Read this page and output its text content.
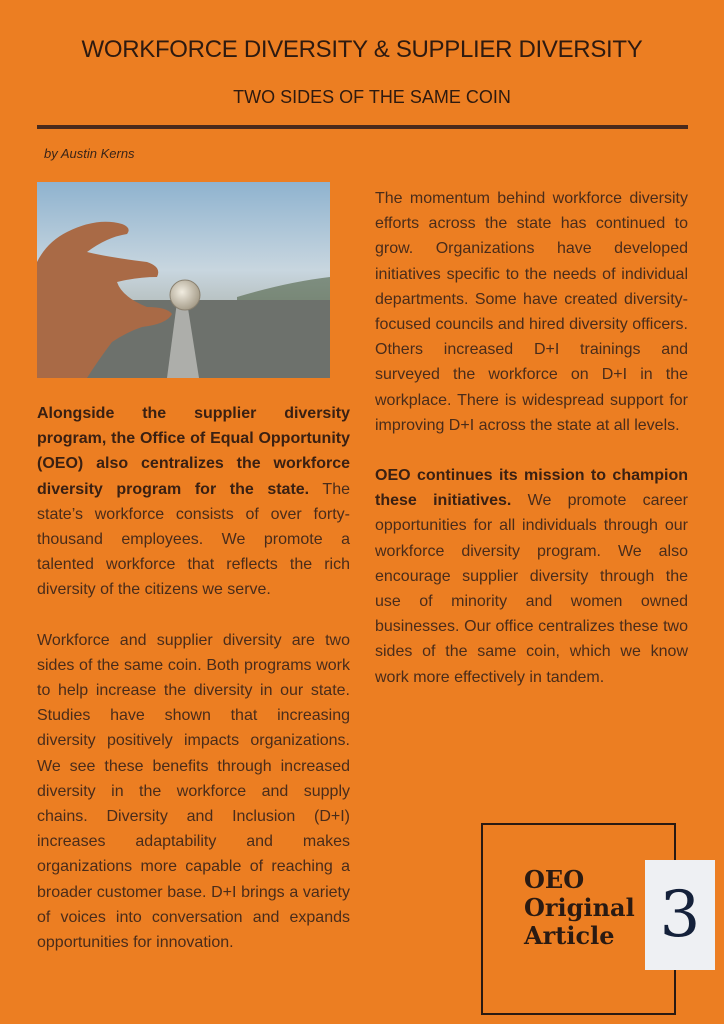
WORKFORCE DIVERSITY & SUPPLIER DIVERSITY
TWO SIDES OF THE SAME COIN
by Austin Kerns

Alongside the supplier diversity program, the Office of Equal Opportunity (OEO) also centralizes the workforce diversity program for the state. The state’s workforce consists of over forty-thousand employees. We promote a talented workforce that reflects the rich diversity of the citizens we serve.

Workforce and supplier diversity are two sides of the same coin. Both programs work to help increase the diversity in our state. Studies have shown that increasing diversity positively impacts organizations. We see these benefits through increased diversity in the workforce and supply chains. Diversity and Inclusion (D+I) increases adaptability and makes organizations more capable of reaching a broader customer base. D+I brings a variety of voices into conversation and expands opportunities for innovation.

The momentum behind workforce diversity efforts across the state has continued to grow. Organizations have developed initiatives specific to the needs of individual departments. Some have created diversity-focused councils and hired diversity officers. Others increased D+I trainings and surveyed the workforce on D+I in the workplace. There is widespread support for improving D+I across the state at all levels.

OEO continues its mission to champion these initiatives. We promote career opportunities for all individuals through our workforce diversity program. We also encourage supplier diversity through the use of minority and women owned businesses. Our office centralizes these two sides of the same coin, which we know work more effectively in tandem.

OEO
Original
Article 3
